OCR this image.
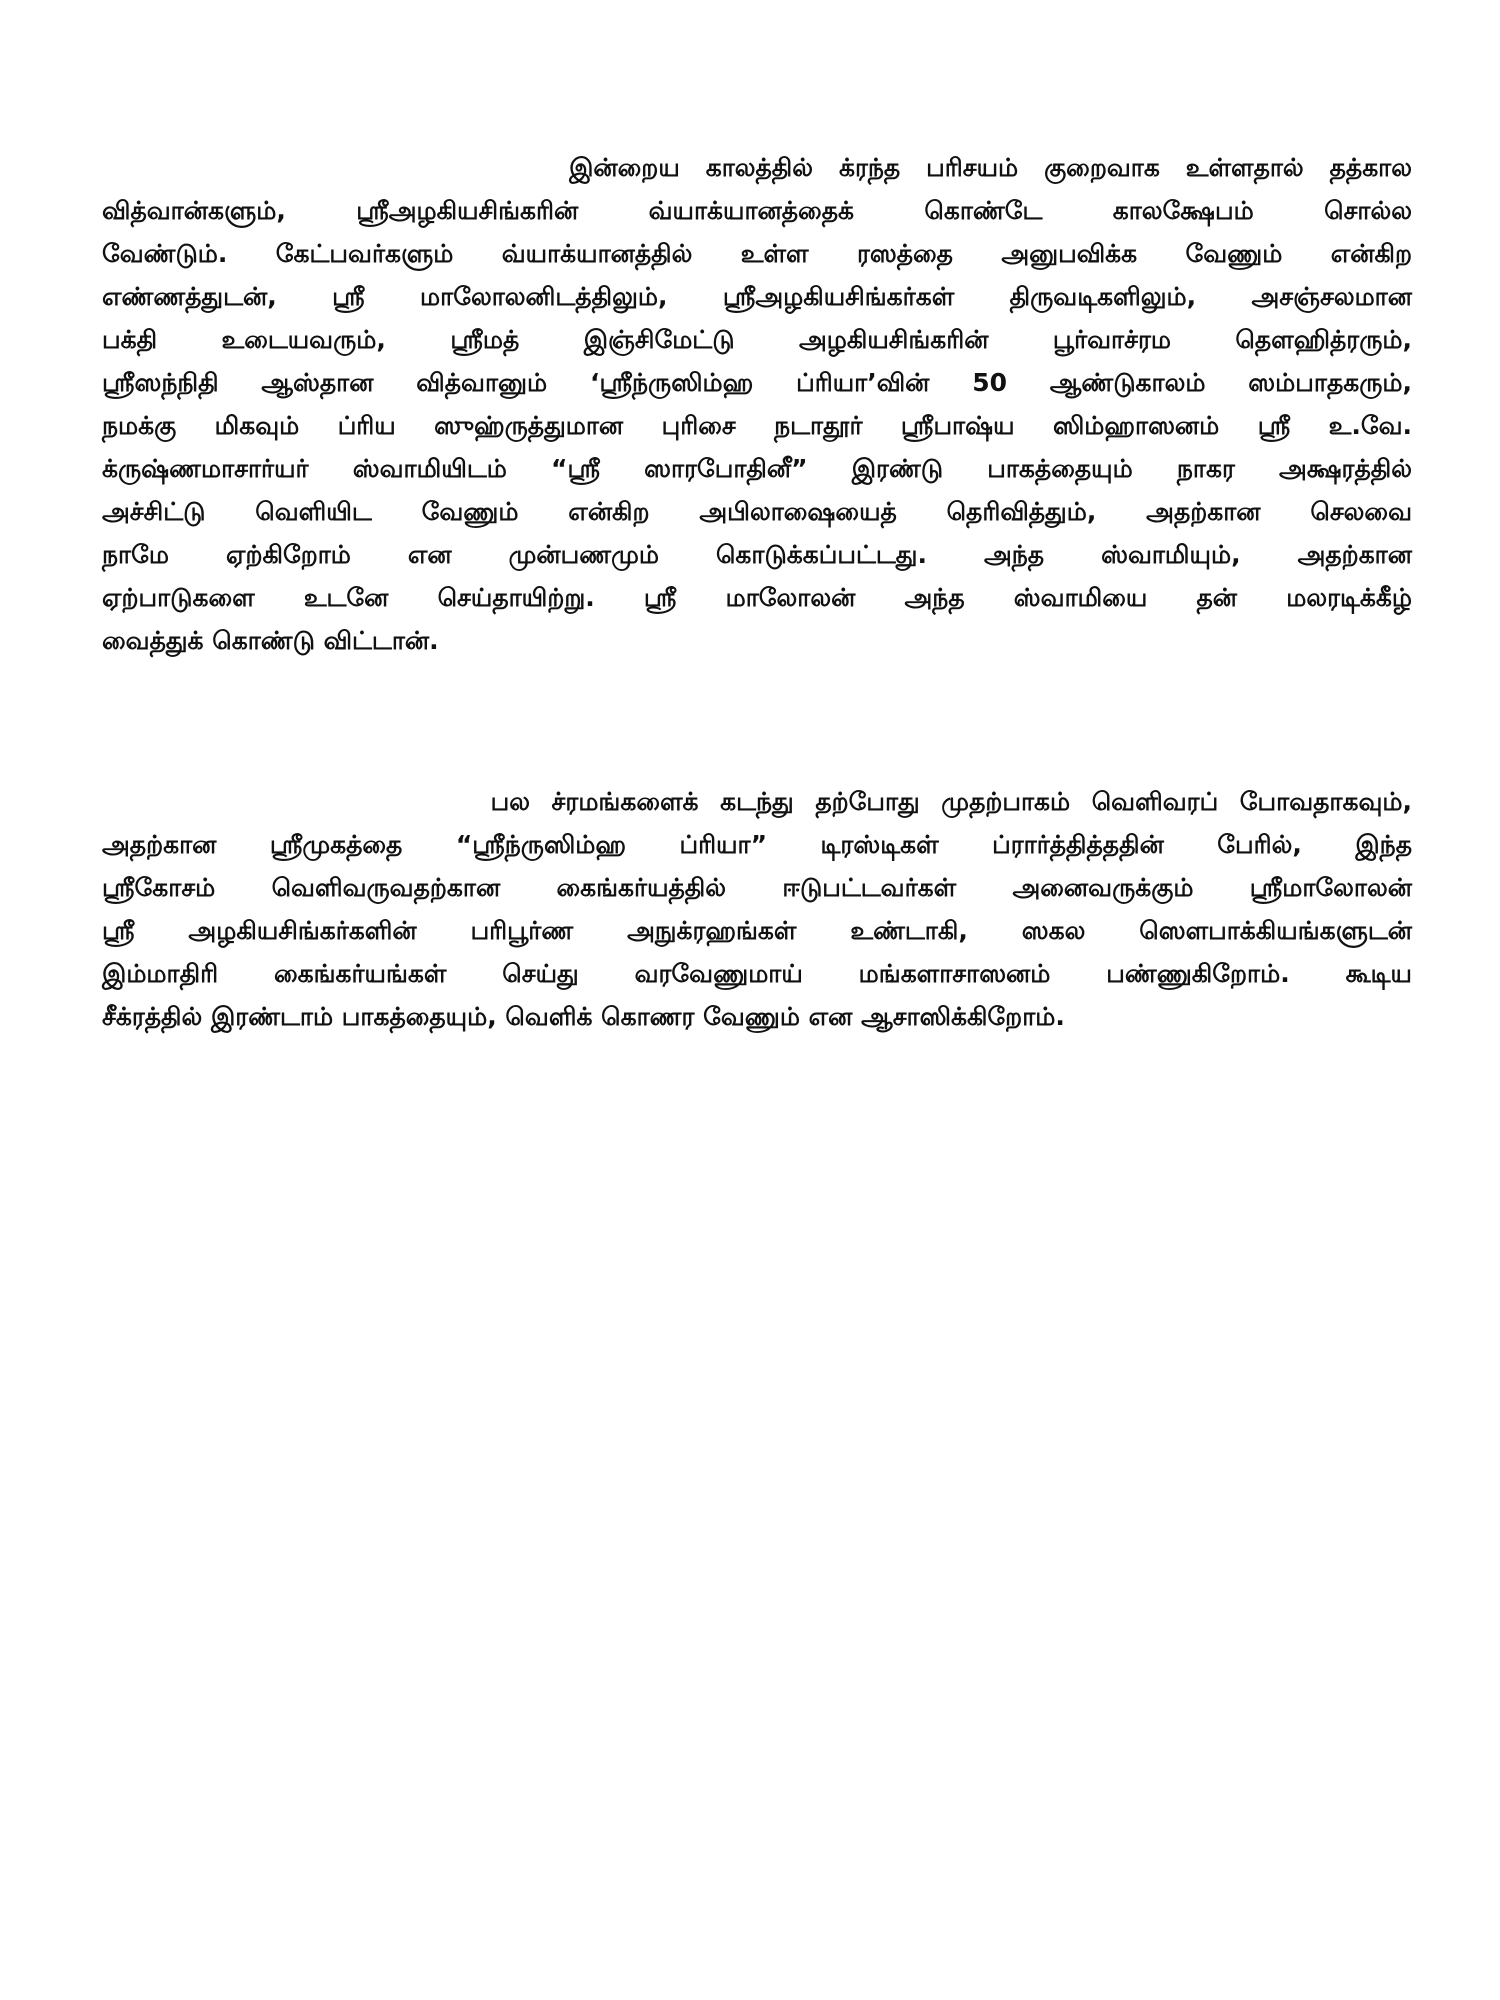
இன்றைய காலத்தில் க்ரந்த பரிசயம் குறைவாக உள்ளதால் தத்கால
வித்வான்களும், ஸ்ரீஅழகியசிங்கரின் வ்யாக்யானத்தைக் கொண்டே காலக்ஷேபம் சொல்ல
வேண்டும். கேட்பவர்களும் வ்யாக்யானத்தில் உள்ள ரஸத்தை அனுபவிக்க வேணும் என்கிற
எண்ணத்துடன், ஸ்ரீ மாலோலனிடத்திலும், ஸ்ரீஅழகியசிங்கர்கள் திருவடிகளிலும், அசஞ்சலமான
பக்தி உடையவரும், ஸ்ரீமத் இஞ்சிமேட்டு அழகியசிங்கரின் பூர்வாச்ரம தௌஹித்ரரும்,
ஸ்ரீஸந்நிதி ஆஸ்தான வித்வானும் ‘ஸ்ரீந்ருஸிம்ஹ ப்ரியா’வின் 50 ஆண்டுகாலம் ஸம்பாதகரும்,
நமக்கு மிகவும் ப்ரிய ஸுஹ்ருத்துமான புரிசை நடாதூர் ஸ்ரீபாஷ்ய ஸிம்ஹாஸனம் ஸ்ரீ உ.வே.
க்ருஷ்ணமாசார்யர் ஸ்வாமியிடம் “ஸ்ரீ ஸாரபோதினீ” இரண்டு பாகத்தையும் நாகர அக்ஷரத்தில்
அச்சிட்டு வெளியிட வேணும் என்கிற அபிலாஷையைத் தெரிவித்தும், அதற்கான செலவை
நாமே ஏற்கிறோம் என முன்பணமும் கொடுக்கப்பட்டது. அந்த ஸ்வாமியும், அதற்கான
ஏற்பாடுகளை உடனே செய்தாயிற்று. ஸ்ரீ மாலோலன் அந்த ஸ்வாமியை தன் மலரடிக்கீழ்
வைத்துக் கொண்டு விட்டான்.
பல ச்ரமங்களைக் கடந்து தற்போது முதற்பாகம் வெளிவரப் போவதாகவும்,
அதற்கான ஸ்ரீமுகத்தை “ஸ்ரீந்ருஸிம்ஹ ப்ரியா” டிரஸ்டிகள் ப்ரார்த்தித்ததின் பேரில், இந்த
ஸ்ரீகோசம் வெளிவருவதற்கான கைங்கர்யத்தில் ஈடுபட்டவர்கள் அனைவருக்கும் ஸ்ரீமாலோலன்
ஸ்ரீ அழகியசிங்கர்களின் பரிபூர்ண அநுக்ரஹங்கள் உண்டாகி, ஸகல ஸௌபாக்கியங்களுடன்
இம்மாதிரி கைங்கர்யங்கள் செய்து வரவேணுமாய் மங்களாசாஸனம் பண்ணுகிறோம். கூடிய
சீக்ரத்தில் இரண்டாம் பாகத்தையும், வெளிக் கொணர வேணும் என ஆசாஸிக்கிறோம்.
